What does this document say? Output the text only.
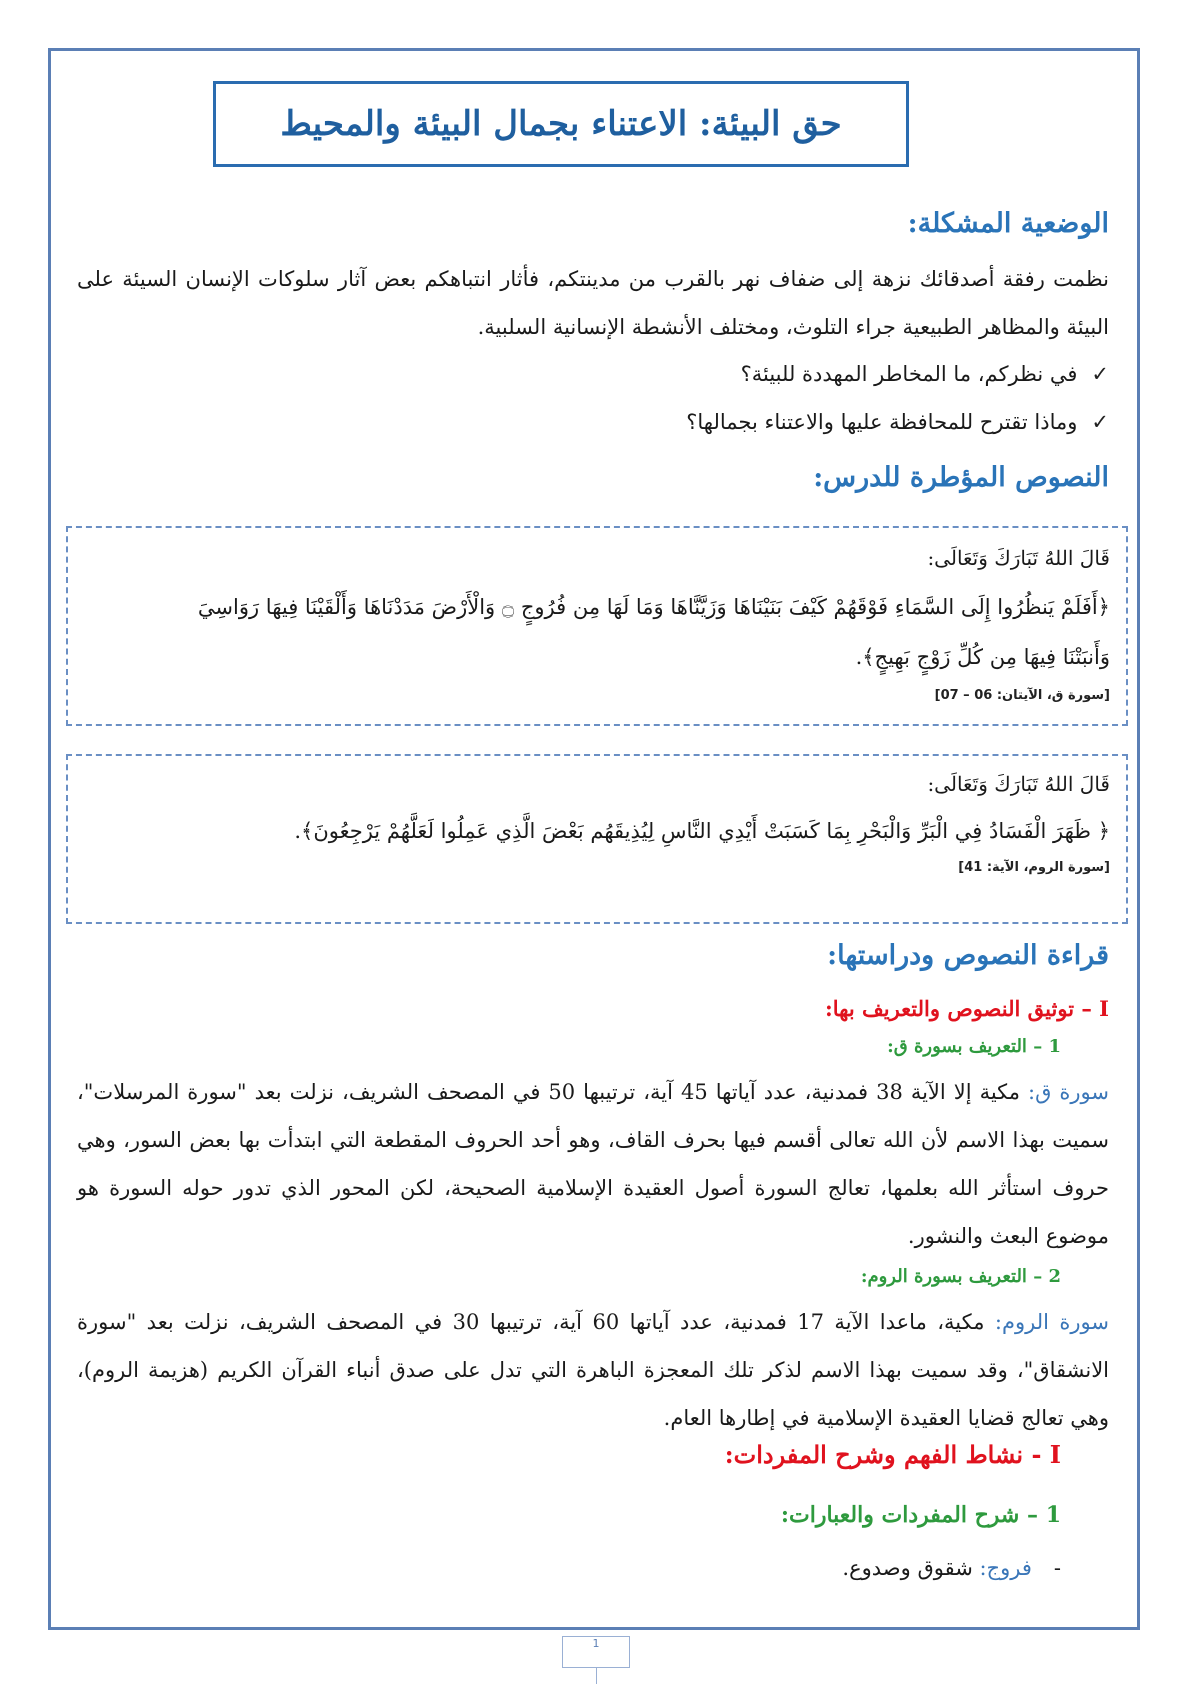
حق البيئة: الاعتناء بجمال البيئة والمحيط
الوضعية المشكلة:
نظمت رفقة أصدقائك نزهة إلى ضفاف نهر بالقرب من مدينتكم، فأثار انتباهكم بعض آثار سلوكات الإنسان السيئة على البيئة والمظاهر الطبيعية جراء التلوث، ومختلف الأنشطة الإنسانية السلبية.
✓في نظركم، ما المخاطر المهددة للبيئة؟
✓وماذا تقترح للمحافظة عليها والاعتناء بجمالها؟
النصوص المؤطرة للدرس:
قَالَ اللهُ تَبَارَكَ وَتَعَالَى:
﴿أَفَلَمْ يَنظُرُوا إِلَى السَّمَاءِ فَوْقَهُمْ كَيْفَ بَنَيْنَاهَا وَزَيَّنَّاهَا وَمَا لَهَا مِن فُرُوجٍ ۝ وَالْأَرْضَ مَدَدْنَاهَا وَأَلْقَيْنَا فِيهَا رَوَاسِيَ
وَأَنبَتْنَا فِيهَا مِن كُلِّ زَوْجٍ بَهِيجٍ﴾.
[سورة ق، الآيتان: 06 – 07]
قَالَ اللهُ تَبَارَكَ وَتَعَالَى:
﴿ ظَهَرَ الْفَسَادُ فِي الْبَرِّ وَالْبَحْرِ بِمَا كَسَبَتْ أَيْدِي النَّاسِ لِيُذِيقَهُم بَعْضَ الَّذِي عَمِلُوا لَعَلَّهُمْ يَرْجِعُونَ﴾.
[سورة الروم، الآية: 41]
قراءة النصوص ودراستها:
I – توثيق النصوص والتعريف بها:
1 – التعريف بسورة ق:
سورة ق: مكية إلا الآية 38 فمدنية، عدد آياتها 45 آية، ترتيبها 50 في المصحف الشريف، نزلت بعد "سورة المرسلات"، سميت بهذا الاسم لأن الله تعالى أقسم فيها بحرف القاف، وهو أحد الحروف المقطعة التي ابتدأت بها بعض السور، وهي حروف استأثر الله بعلمها، تعالج السورة أصول العقيدة الإسلامية الصحيحة، لكن المحور الذي تدور حوله السورة هو موضوع البعث والنشور.
2 – التعريف بسورة الروم:
سورة الروم: مكية، ماعدا الآية 17 فمدنية، عدد آياتها 60 آية، ترتيبها 30 في المصحف الشريف، نزلت بعد "سورة الانشقاق"، وقد سميت بهذا الاسم لذكر تلك المعجزة الباهرة التي تدل على صدق أنباء القرآن الكريم (هزيمة الروم)، وهي تعالج قضايا العقيدة الإسلامية في إطارها العام.
I - نشاط الفهم وشرح المفردات:
1 – شرح المفردات والعبارات:
-فروج: شقوق وصدوع.
1
